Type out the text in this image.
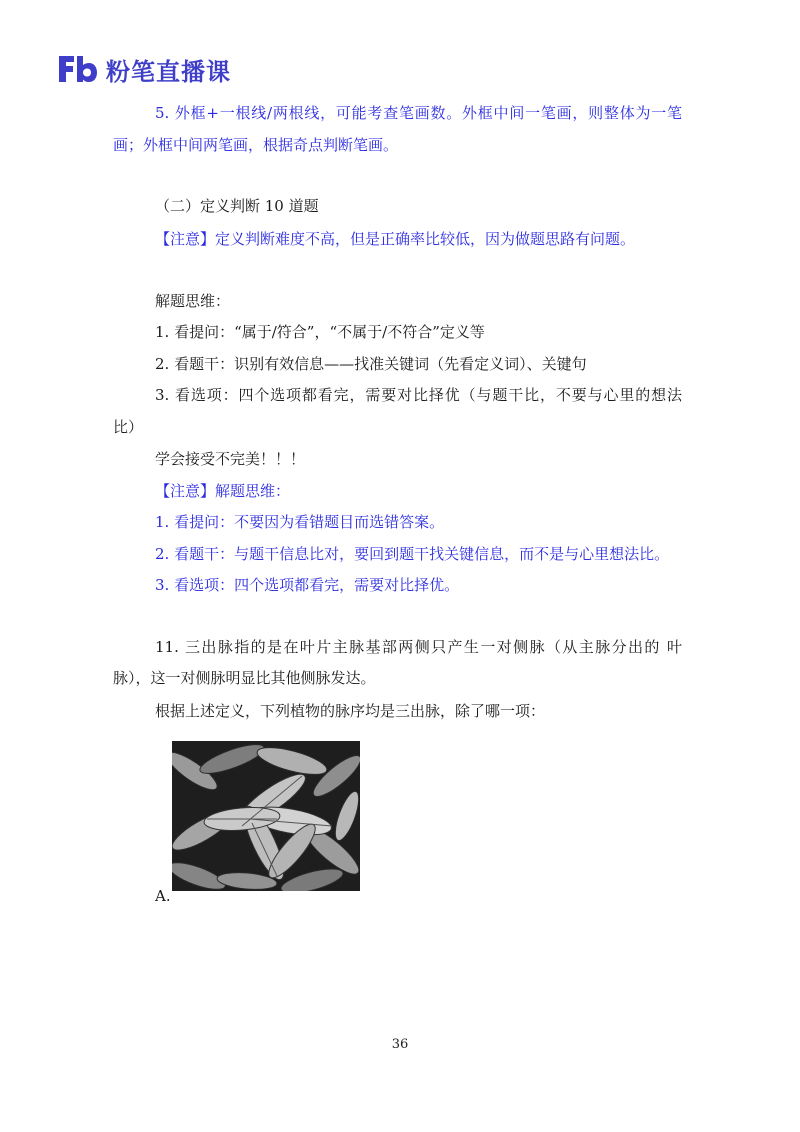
粉笔直播课
5. 外框+一根线/两根线，可能考查笔画数。外框中间一笔画，则整体为一笔
画；外框中间两笔画，根据奇点判断笔画。
（二）定义判断 10 道题
【注意】定义判断难度不高，但是正确率比较低，因为做题思路有问题。
解题思维：
1. 看提问：“属于/符合”，“不属于/不符合”定义等
2. 看题干：识别有效信息——找准关键词（先看定义词）、关键句
3. 看选项：四个选项都看完，需要对比择优（与题干比，不要与心里的想法
比）
学会接受不完美！！！
【注意】解题思维：
1. 看提问：不要因为看错题目而选错答案。
2. 看题干：与题干信息比对，要回到题干找关键信息，而不是与心里想法比。
3. 看选项：四个选项都看完，需要对比择优。
11. 三出脉指的是在叶片主脉基部两侧只产生一对侧脉（从主脉分出的 叶
脉），这一对侧脉明显比其他侧脉发达。
根据上述定义，下列植物的脉序均是三出脉，除了哪一项：
A.
36
